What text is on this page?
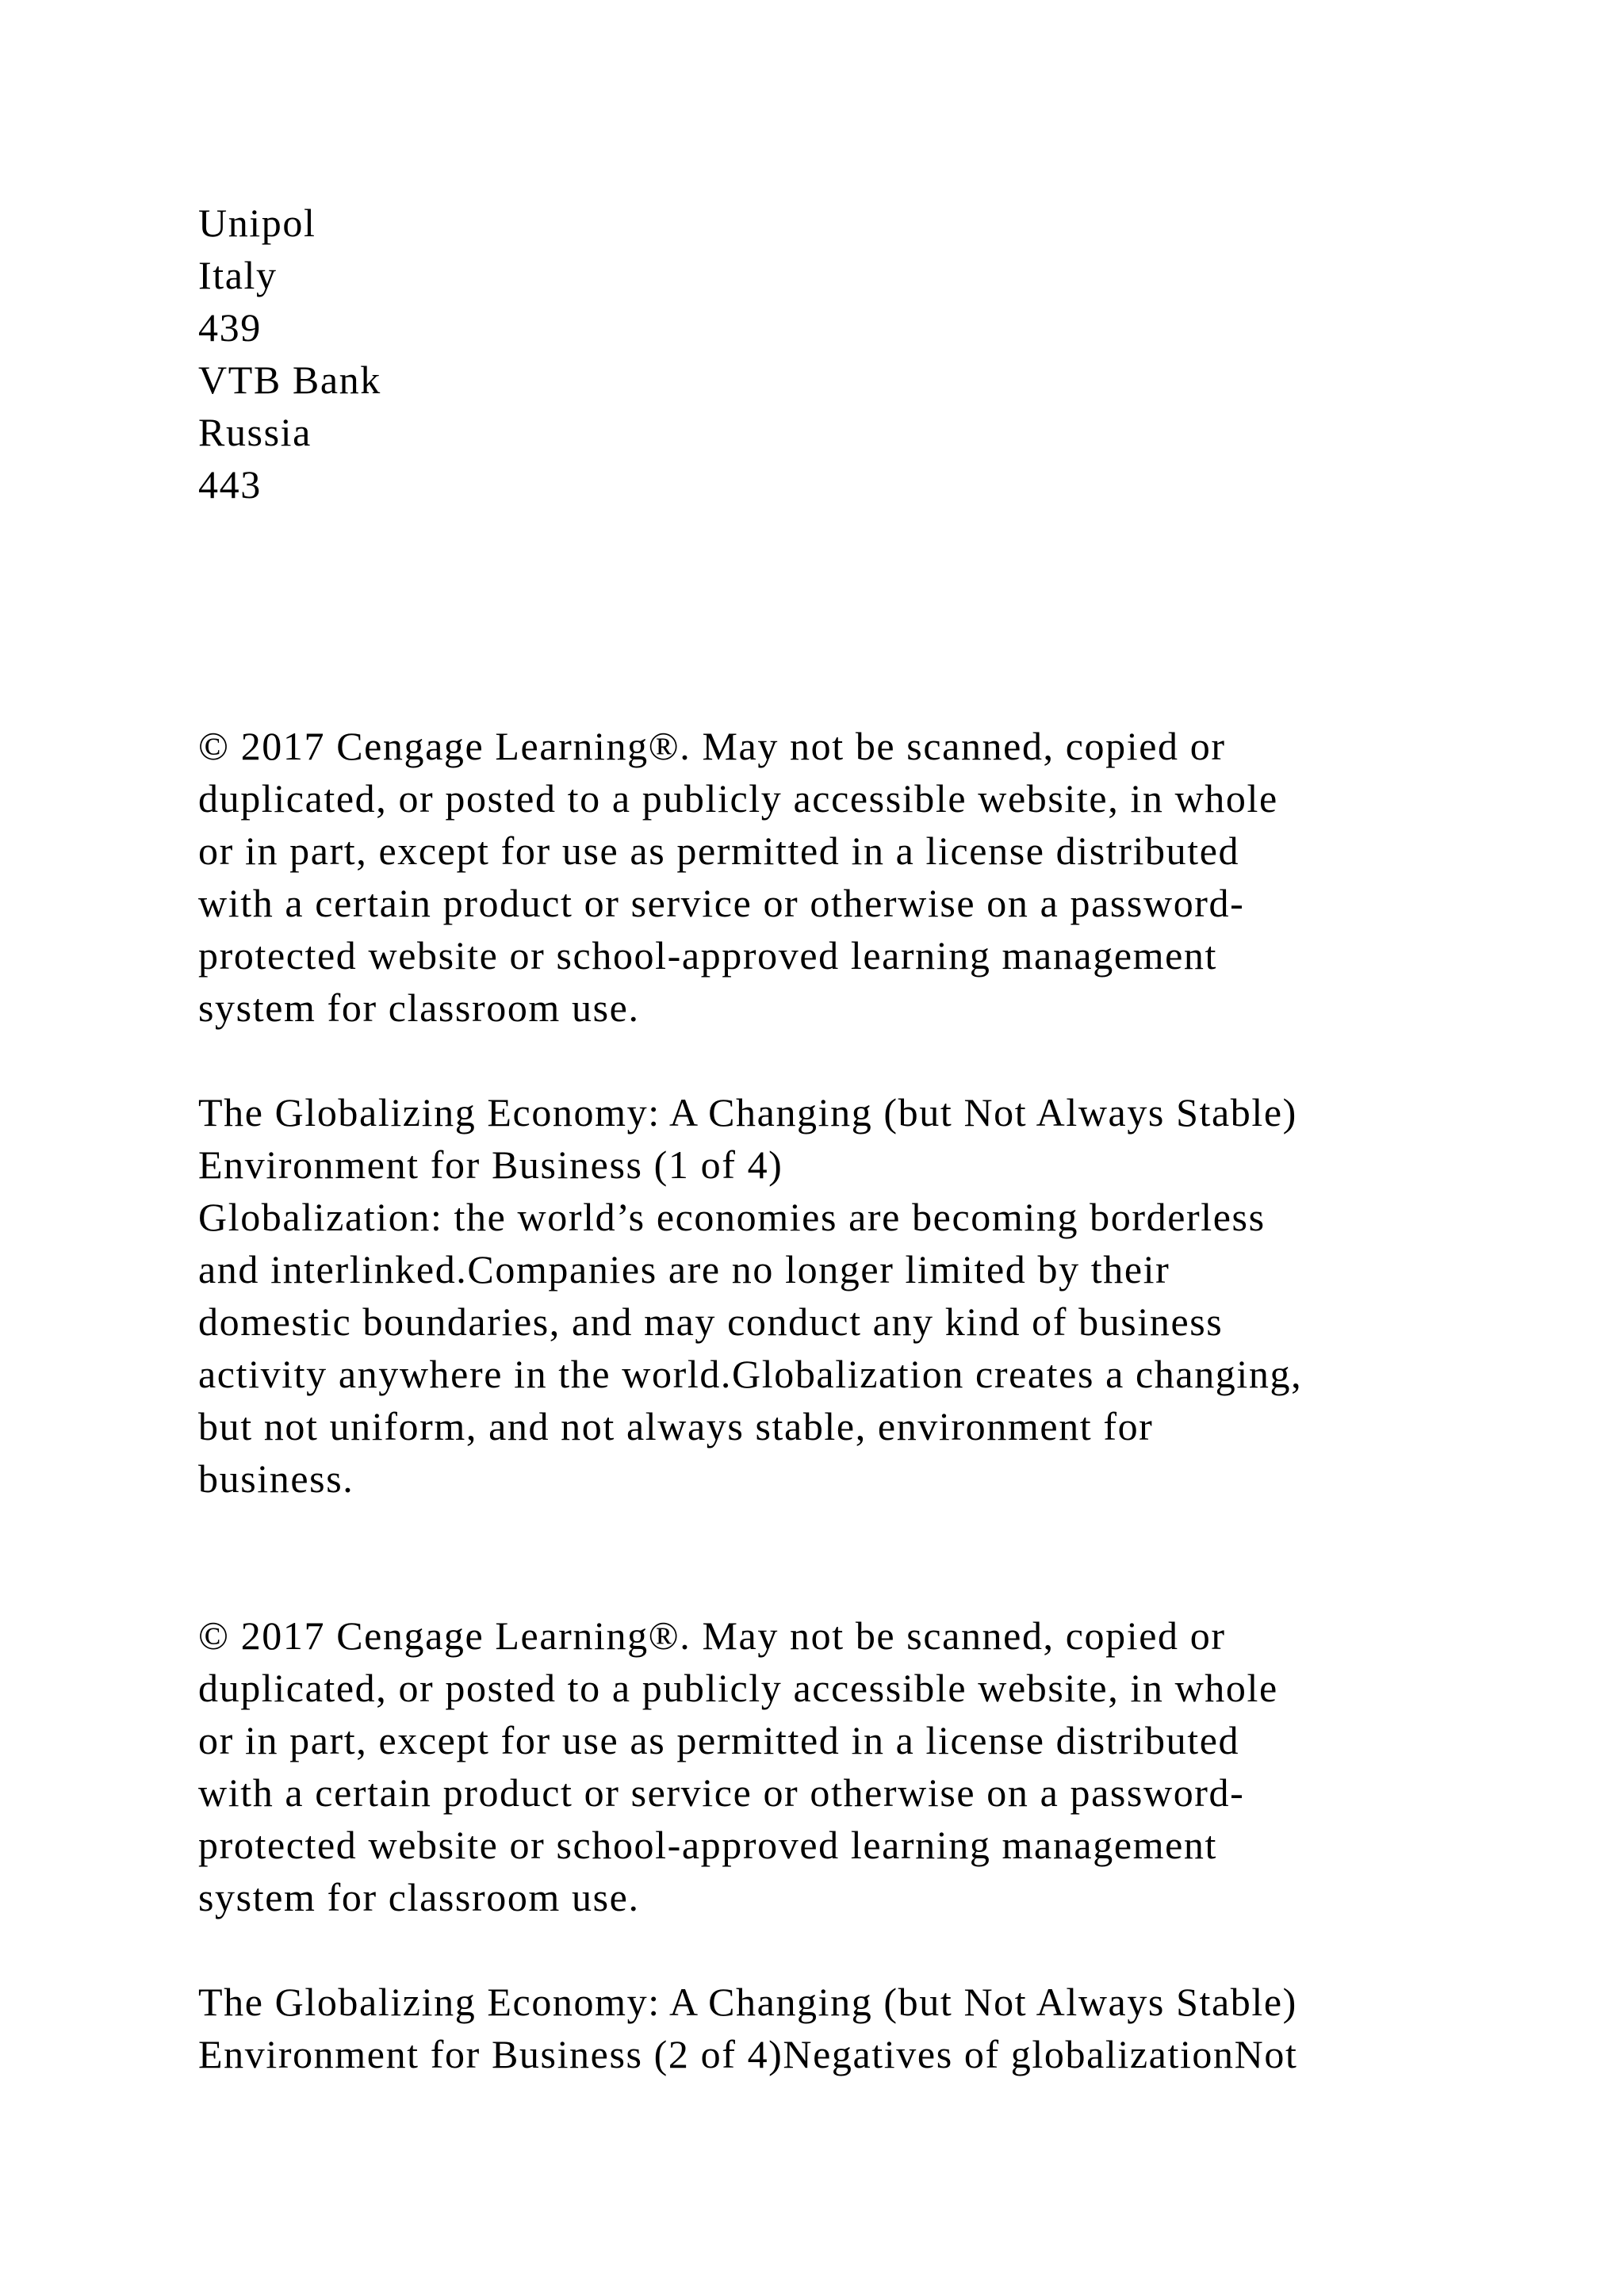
Unipol
Italy
439
VTB Bank
Russia
443
© 2017 Cengage Learning®. May not be scanned, copied or
duplicated, or posted to a publicly accessible website, in whole
or in part, except for use as permitted in a license distributed
with a certain product or service or otherwise on a password-
protected website or school-approved learning management
system for classroom use.
The Globalizing Economy: A Changing (but Not Always Stable)
Environment for Business (1 of 4)
Globalization: the world’s economies are becoming borderless
and interlinked.Companies are no longer limited by their
domestic boundaries, and may conduct any kind of business
activity anywhere in the world.Globalization creates a changing,
but not uniform, and not always stable, environment for
business.
© 2017 Cengage Learning®. May not be scanned, copied or
duplicated, or posted to a publicly accessible website, in whole
or in part, except for use as permitted in a license distributed
with a certain product or service or otherwise on a password-
protected website or school-approved learning management
system for classroom use.
The Globalizing Economy: A Changing (but Not Always Stable)
Environment for Business (2 of 4)Negatives of globalizationNot
